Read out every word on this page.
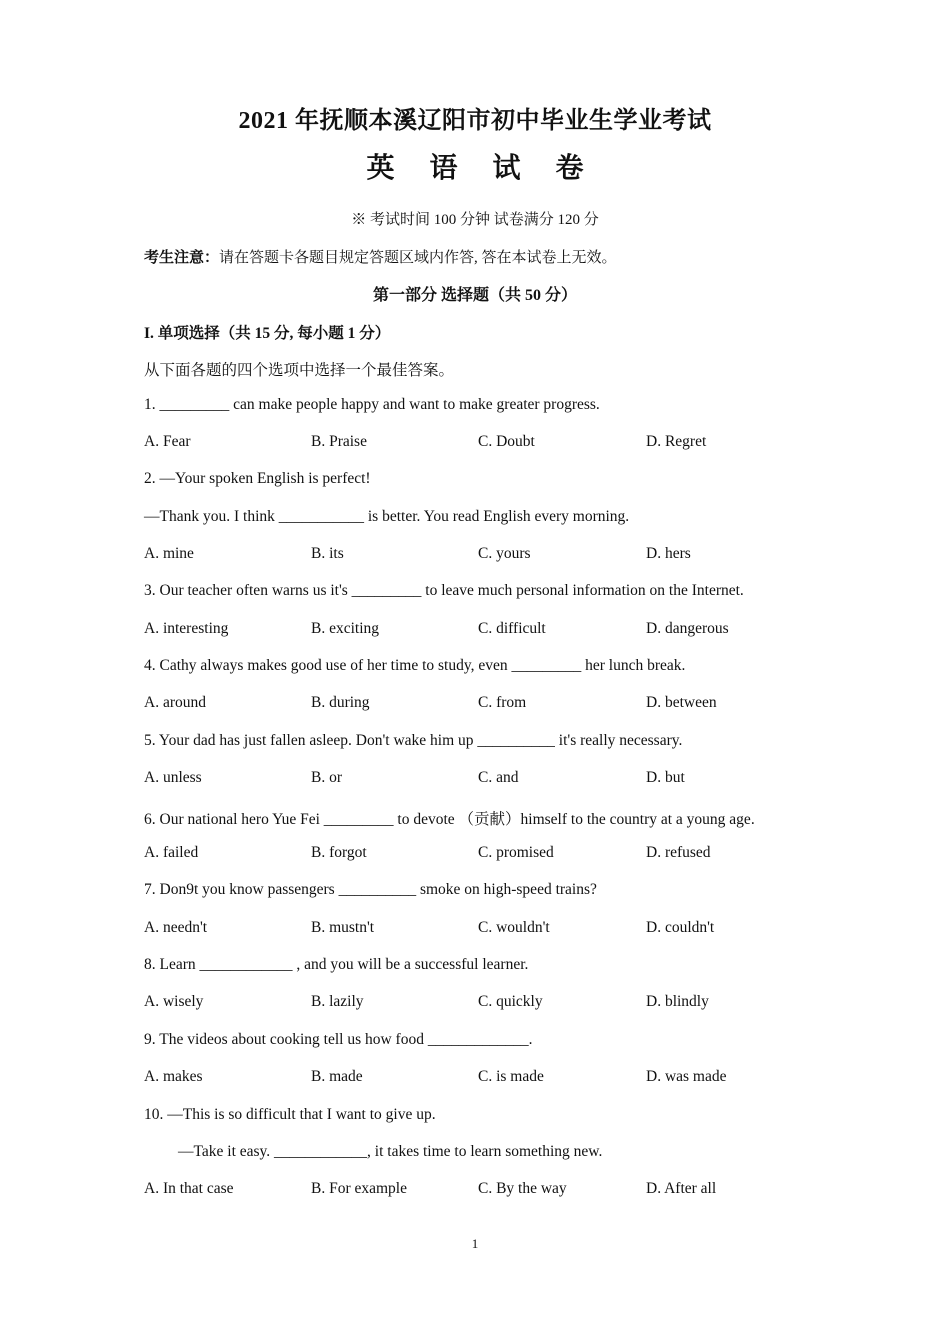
2021 年抚顺本溪辽阳市初中毕业生学业考试
英 语 试 卷
※ 考试时间 100 分钟 试卷满分 120 分
考生注意：请在答题卡各题目规定答题区域内作答, 答在本试卷上无效。
第一部分 选择题（共 50 分）
I. 单项选择（共 15 分, 每小题 1 分）
从下面各题的四个选项中选择一个最佳答案。
1. _________ can make people happy and want to make greater progress.
A. Fear	B. Praise	C. Doubt	D. Regret
2. —Your spoken English is perfect!
—Thank you. I think ___________ is better. You read English every morning.
A. mine	B. its	C. yours	D. hers
3. Our teacher often warns us it's _________ to leave much personal information on the Internet.
A. interesting	B. exciting	C. difficult	D. dangerous
4. Cathy always makes good use of her time to study, even _________ her lunch break.
A. around	B. during	C. from	D. between
5. Your dad has just fallen asleep. Don't wake him up __________ it's really necessary.
A. unless	B. or	C. and	D. but
6. Our national hero Yue Fei _________ to devote （贡献）himself to the country at a young age.
A. failed	B. forgot	C. promised	D. refused
7. Don9t you know passengers __________ smoke on high-speed trains?
A. needn't	B. mustn't	C. wouldn't	D. couldn't
8. Learn ____________ , and you will be a successful learner.
A. wisely	B. lazily	C. quickly	D. blindly
9. The videos about cooking tell us how food _____________.
A. makes	B. made	C. is made	D. was made
10. —This is so difficult that I want to give up.
—Take it easy. ____________, it takes time to learn something new.
A. In that case	B. For example	C. By the way	D. After all
1
